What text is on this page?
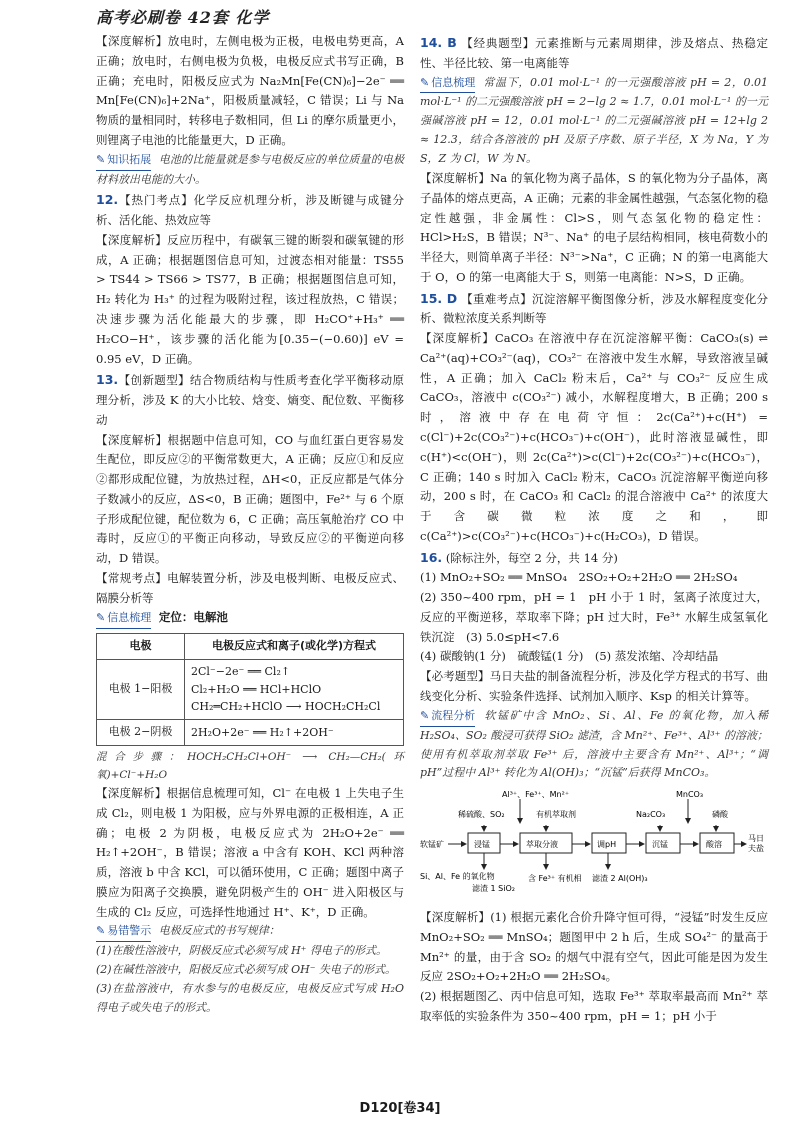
高考必刷卷 42套 化学

【深度解析】放电时，左侧电极为正极，电极电势更高，A 正确；放电时，右侧电极为负极，电极反应式书写正确，B 正确；充电时，阳极反应式为 Na₂Mn[Fe(CN)₆]−2e⁻ ══ Mn[Fe(CN)₆]+2Na⁺，阳极质量减轻，C 错误；Li 与 Na 物质的量相同时，转移电子数相同，但 Li 的摩尔质量更小，则锂离子电池的比能量更大，D 正确。

✎ 知识拓展 电池的比能量就是参与电极反应的单位质量的电极材料放出电能的大小。

12.【热门考点】化学反应机理分析，涉及断键与成键分析、活化能、热效应等

【深度解析】反应历程中，有碳氧三键的断裂和碳氧键的形成，A 正确；根据题图信息可知，过渡态相对能量：TS55 > TS44 > TS66 > TS77，B 正确；根据题图信息可知，H₂ 转化为 H₃⁺ 的过程为吸附过程，该过程放热，C 错误；决速步骤为活化能最大的步骤，即 H₂CO⁺+H₃⁺ ══ H₂CO−H⁺，该步骤的活化能为[0.35−(−0.60)] eV = 0.95 eV，D 正确。

13.【创新题型】结合物质结构与性质考查化学平衡移动原理分析，涉及 K 的大小比较、焓变、熵变、配位数、平衡移动

【深度解析】根据题中信息可知，CO 与血红蛋白更容易发生配位，即反应②的平衡常数更大，A 正确；反应①和反应②都形成配位键，为放热过程，ΔH<0，正反应都是气体分子数减小的反应，ΔS<0，B 正确；题图中，Fe²⁺ 与 6 个原子形成配位键，配位数为 6，C 正确；高压氧舱治疗 CO 中毒时，反应①的平衡正向移动，导致反应②的平衡逆向移动，D 错误。

【常规考点】电解装置分析，涉及电极判断、电极反应式、隔膜分析等

✎ 信息梳理 定位：电解池

电极	电极反应式和离子(或化学)方程式
电极 1−阳极	2Cl⁻−2e⁻ ══ Cl₂↑
Cl₂+H₂O ══ HCl+HClO
CH₂═CH₂+HClO ⟶ HOCH₂CH₂Cl

电极 2−阴极	2H₂O+2e⁻ ══ H₂↑+2OH⁻

混合步骤：HOCH₂CH₂Cl+OH⁻ ⟶ CH₂—CH₂(环氧)+Cl⁻+H₂O

【深度解析】根据信息梳理可知，Cl⁻ 在电极 1 上失电子生成 Cl₂，则电极 1 为阳极，应与外界电源的正极相连，A 正确；电极 2 为阴极，电极反应式为 2H₂O+2e⁻ ══ H₂↑+2OH⁻，B 错误；溶液 a 中含有 KOH、KCl 两种溶质，溶液 b 中含 KCl，可以循环使用，C 正确；题图中离子膜应为阳离子交换膜，避免阴极产生的 OH⁻ 进入阳极区与生成的 Cl₂ 反应，可选择性地通过 H⁺、K⁺，D 正确。

✎ 易错警示 电极反应式的书写规律：

(1)在酸性溶液中，阴极反应式必须写成 H⁺ 得电子的形式。

(2)在碱性溶液中，阳极反应式必须写成 OH⁻ 失电子的形式。

(3)在盐溶液中，有水参与的电极反应，电极反应式写成 H₂O 得电子或失电子的形式。

14. B 【经典题型】元素推断与元素周期律，涉及熔点、热稳定性、半径比较、第一电离能等

✎ 信息梳理 常温下，0.01 mol·L⁻¹ 的一元强酸溶液 pH = 2，0.01 mol·L⁻¹ 的二元强酸溶液 pH = 2−lg 2 ≈ 1.7，0.01 mol·L⁻¹ 的一元强碱溶液 pH = 12，0.01 mol·L⁻¹ 的二元强碱溶液 pH = 12+lg 2 ≈ 12.3，结合各溶液的 pH 及原子序数、原子半径，X 为 Na，Y 为 S，Z 为 Cl，W 为 N。

【深度解析】Na 的氧化物为离子晶体，S 的氧化物为分子晶体，离子晶体的熔点更高，A 正确；元素的非金属性越强，气态氢化物的稳定性越强，非金属性：Cl>S，则气态氢化物的稳定性：HCl>H₂S，B 错误；N³⁻、Na⁺ 的电子层结构相同，核电荷数小的半径大，则简单离子半径：N³⁻>Na⁺，C 正确；N 的第一电离能大于 O，O 的第一电离能大于 S，则第一电离能：N>S，D 正确。

15. D 【重难考点】沉淀溶解平衡图像分析，涉及水解程度变化分析、微粒浓度关系判断等

【深度解析】CaCO₃ 在溶液中存在沉淀溶解平衡：CaCO₃(s) ⇌ Ca²⁺(aq)+CO₃²⁻(aq)，CO₃²⁻ 在溶液中发生水解，导致溶液呈碱性，A 正确；加入 CaCl₂ 粉末后，Ca²⁺ 与 CO₃²⁻ 反应生成 CaCO₃，溶液中 c(CO₃²⁻) 减小，水解程度增大，B 正确；200 s 时，溶液中存在电荷守恒：2c(Ca²⁺)+c(H⁺) = c(Cl⁻)+2c(CO₃²⁻)+c(HCO₃⁻)+c(OH⁻)，此时溶液显碱性，即 c(H⁺)<c(OH⁻)，则 2c(Ca²⁺)>c(Cl⁻)+2c(CO₃²⁻)+c(HCO₃⁻)，C 正确；140 s 时加入 CaCl₂ 粉末，CaCO₃ 沉淀溶解平衡逆向移动，200 s 时，在 CaCO₃ 和 CaCl₂ 的混合溶液中 Ca²⁺ 的浓度大于含碳微粒浓度之和，即 c(Ca²⁺)>c(CO₃²⁻)+c(HCO₃⁻)+c(H₂CO₃)，D 错误。

16. (除标注外，每空 2 分，共 14 分)

(1) MnO₂+SO₂ ══ MnSO₄　2SO₂+O₂+2H₂O ══ 2H₂SO₄

(2) 350~400 rpm，pH = 1　pH 小于 1 时，氢离子浓度过大，反应的平衡逆移，萃取率下降；pH 过大时，Fe³⁺ 水解生成氢氧化铁沉淀　(3) 5.0≤pH<7.6

(4) 碳酸钠(1 分)　硫酸锰(1 分)　(5) 蒸发浓缩、冷却结晶

【必考题型】马日夫盐的制备流程分析，涉及化学方程式的书写、曲线变化分析、实验条件选择、试剂加入顺序、Ksp 的相关计算等。

✎ 流程分析 软锰矿中含 MnO₂、Si、Al、Fe 的氧化物，加入稀 H₂SO₄、SO₂ 酸浸可获得 SiO₂ 滤渣，含 Mn²⁺、Fe³⁺、Al³⁺ 的溶液；使用有机萃取剂萃取 Fe³⁺ 后，溶液中主要含有 Mn²⁺、Al³⁺；“调 pH”过程中 Al³⁺ 转化为 Al(OH)₃；“沉锰”后获得 MnCO₃。

Al³⁺、Fe³⁺、Mn²⁺	MnCO₃
稀硫酸、SO₂	有机萃取剂	Na₂CO₃	磷酸
软锰矿	浸锰	萃取分液	调pH	沉锰	酸溶
马日
夫盐
Si、Al、Fe 的氧化物
滤渣 1 SiO₂
含 Fe³⁺ 有机相 滤渣 2 Al(OH)₃

【深度解析】(1) 根据元素化合价升降守恒可得，“浸锰”时发生反应 MnO₂+SO₂ ══ MnSO₄；题图甲中 2 h 后，生成 SO₄²⁻ 的量高于 Mn²⁺ 的量，由于含 SO₂ 的烟气中混有空气，因此可能是因为发生反应 2SO₂+O₂+2H₂O ══ 2H₂SO₄。

(2) 根据题图乙、丙中信息可知，选取 Fe³⁺ 萃取率最高而 Mn²⁺ 萃取率低的实验条件为 350~400 rpm，pH = 1；pH 小于

D120[卷34]
